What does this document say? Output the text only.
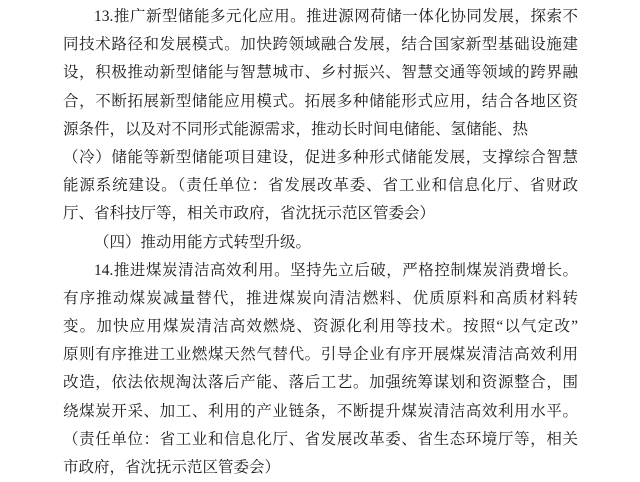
13.推广新型储能多元化应用。推进源网荷储一体化协同发展，探索不
同技术路径和发展模式。加快跨领域融合发展，结合国家新型基础设施建
设，积极推动新型储能与智慧城市、乡村振兴、智慧交通等领域的跨界融
合，不断拓展新型储能应用模式。拓展多种储能形式应用，结合各地区资
源条件，以及对不同形式能源需求，推动长时间电储能、氢储能、热
（冷）储能等新型储能项目建设，促进多种形式储能发展，支撑综合智慧
能源系统建设。（责任单位：省发展改革委、省工业和信息化厅、省财政
厅、省科技厅等，相关市政府，省沈抚示范区管委会）
（四）推动用能方式转型升级。
14.推进煤炭清洁高效利用。坚持先立后破，严格控制煤炭消费增长。
有序推动煤炭减量替代，推进煤炭向清洁燃料、优质原料和高质材料转
变。加快应用煤炭清洁高效燃烧、资源化利用等技术。按照“以气定改”
原则有序推进工业燃煤天然气替代。引导企业有序开展煤炭清洁高效利用
改造，依法依规淘汰落后产能、落后工艺。加强统筹谋划和资源整合，围
绕煤炭开采、加工、利用的产业链条，不断提升煤炭清洁高效利用水平。
（责任单位：省工业和信息化厅、省发展改革委、省生态环境厅等，相关
市政府，省沈抚示范区管委会）
